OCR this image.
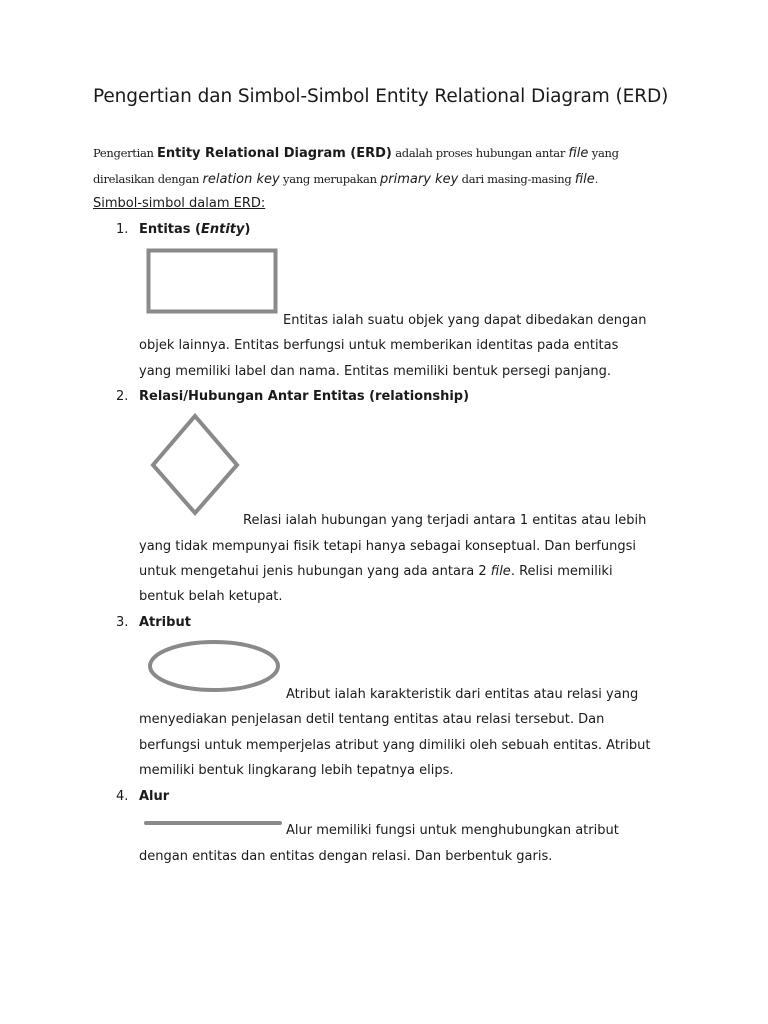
Pengertian dan Simbol-Simbol Entity Relational Diagram (ERD)
Pengertian Entity Relational Diagram (ERD) adalah proses hubungan antar file yang
direlasikan dengan relation key yang merupakan primary key dari masing-masing file.
Simbol-simbol dalam ERD:
1. Entitas (Entity)
Entitas ialah suatu objek yang dapat dibedakan dengan
objek lainnya. Entitas berfungsi untuk memberikan identitas pada entitas
yang memiliki label dan nama. Entitas memiliki bentuk persegi panjang.
2. Relasi/Hubungan Antar Entitas (relationship)
Relasi ialah hubungan yang terjadi antara 1 entitas atau lebih
yang tidak mempunyai fisik tetapi hanya sebagai konseptual. Dan berfungsi
untuk mengetahui jenis hubungan yang ada antara 2 file. Relisi memiliki
bentuk belah ketupat.
3. Atribut
Atribut ialah karakteristik dari entitas atau relasi yang
menyediakan penjelasan detil tentang entitas atau relasi tersebut. Dan
berfungsi untuk memperjelas atribut yang dimiliki oleh sebuah entitas. Atribut
memiliki bentuk lingkarang lebih tepatnya elips.
4. Alur
Alur memiliki fungsi untuk menghubungkan atribut
dengan entitas dan entitas dengan relasi. Dan berbentuk garis.
